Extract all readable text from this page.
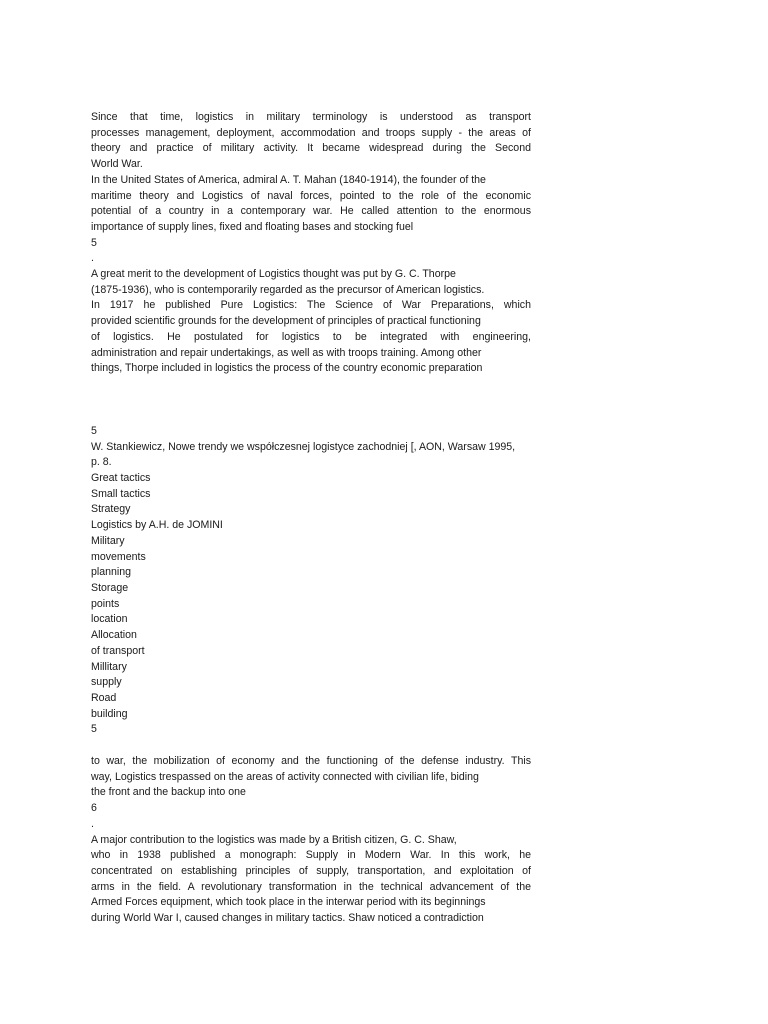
Since that time, logistics in military terminology is understood as transport
processes management, deployment, accommodation and troops supply - the areas of
theory and practice of military activity. It became widespread during the Second
World War.
In the United States of America, admiral A. T. Mahan (1840-1914), the founder of the
maritime theory and Logistics of naval forces, pointed to the role of the economic
potential of a country in a contemporary war. He called attention to the enormous
importance of supply lines, fixed and floating bases and stocking fuel
5
.
A great merit to the development of Logistics thought was put by G. C. Thorpe
(1875-1936), who is contemporarily regarded as the precursor of American logistics.
In 1917 he published Pure Logistics: The Science of War Preparations, which
provided scientific grounds for the development of principles of practical functioning
of logistics. He postulated for logistics to be integrated with engineering,
administration and repair undertakings, as well as with troops training. Among other
things, Thorpe included in logistics the process of the country economic preparation
5
W. Stankiewicz, Nowe trendy we współczesnej logistyce zachodniej [, AON, Warsaw 1995,
p. 8.
Great tactics
Small tactics
Strategy
Logistics by A.H. de JOMINI
Military
movements
planning
Storage
points
location
Allocation
of transport
Millitary
supply
Road
building
5
to war, the mobilization of economy and the functioning of the defense industry. This
way, Logistics trespassed on the areas of activity connected with civilian life, biding
the front and the backup into one
6
.
A major contribution to the logistics was made by a British citizen, G. C. Shaw,
who in 1938 published a monograph: Supply in Modern War. In this work, he
concentrated on establishing principles of supply, transportation, and exploitation of
arms in the field. A revolutionary transformation in the technical advancement of the
Armed Forces equipment, which took place in the interwar period with its beginnings
during World War I, caused changes in military tactics. Shaw noticed a contradiction
